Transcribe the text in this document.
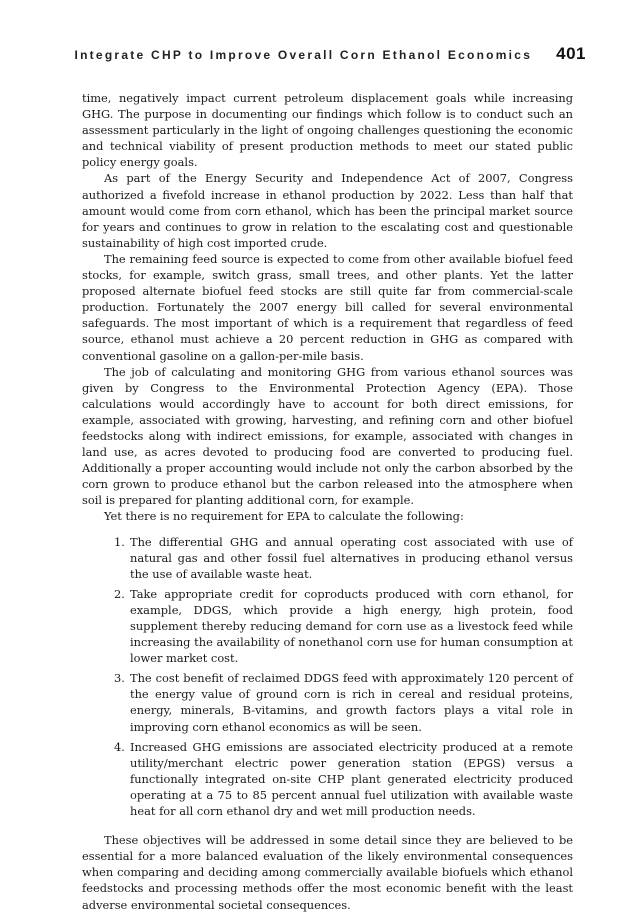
Integrate CHP to Improve Overall Corn Ethanol Economics 401

time, negatively impact current petroleum displacement goals while increasing GHG. The purpose in documenting our findings which follow is to conduct such an assessment particularly in the light of ongoing challenges questioning the economic and technical viability of present production methods to meet our stated public policy energy goals.

As part of the Energy Security and Independence Act of 2007, Congress authorized a fivefold increase in ethanol production by 2022. Less than half that amount would come from corn ethanol, which has been the principal market source for years and continues to grow in relation to the escalating cost and questionable sustainability of high cost imported crude.

The remaining feed source is expected to come from other available biofuel feed stocks, for example, switch grass, small trees, and other plants. Yet the latter proposed alternate biofuel feed stocks are still quite far from commercial-scale production. Fortunately the 2007 energy bill called for several environmental safeguards. The most important of which is a requirement that regardless of feed source, ethanol must achieve a 20 percent reduction in GHG as compared with conventional gasoline on a gallon-per-mile basis.

The job of calculating and monitoring GHG from various ethanol sources was given by Congress to the Environmental Protection Agency (EPA). Those calculations would accordingly have to account for both direct emissions, for example, associated with growing, harvesting, and refining corn and other biofuel feedstocks along with indirect emissions, for example, associated with changes in land use, as acres devoted to producing food are converted to producing fuel. Additionally a proper accounting would include not only the carbon absorbed by the corn grown to produce ethanol but the carbon released into the atmosphere when soil is prepared for planting additional corn, for example.

Yet there is no requirement for EPA to calculate the following:

1. The differential GHG and annual operating cost associated with use of natural gas and other fossil fuel alternatives in producing ethanol versus the use of available waste heat.
2. Take appropriate credit for coproducts produced with corn ethanol, for example, DDGS, which provide a high energy, high protein, food supplement thereby reducing demand for corn use as a livestock feed while increasing the availability of nonethanol corn use for human consumption at lower market cost.
3. The cost benefit of reclaimed DDGS feed with approximately 120 percent of the energy value of ground corn is rich in cereal and residual proteins, energy, minerals, B-vitamins, and growth factors plays a vital role in improving corn ethanol economics as will be seen.
4. Increased GHG emissions are associated electricity produced at a remote utility/merchant electric power generation station (EPGS) versus a functionally integrated on-site CHP plant generated electricity produced operating at a 75 to 85 percent annual fuel utilization with available waste heat for all corn ethanol dry and wet mill production needs.

These objectives will be addressed in some detail since they are believed to be essential for a more balanced evaluation of the likely environmental consequences when comparing and deciding among commercially available biofuels which ethanol feedstocks and processing methods offer the most economic benefit with the least adverse environmental societal consequences.
